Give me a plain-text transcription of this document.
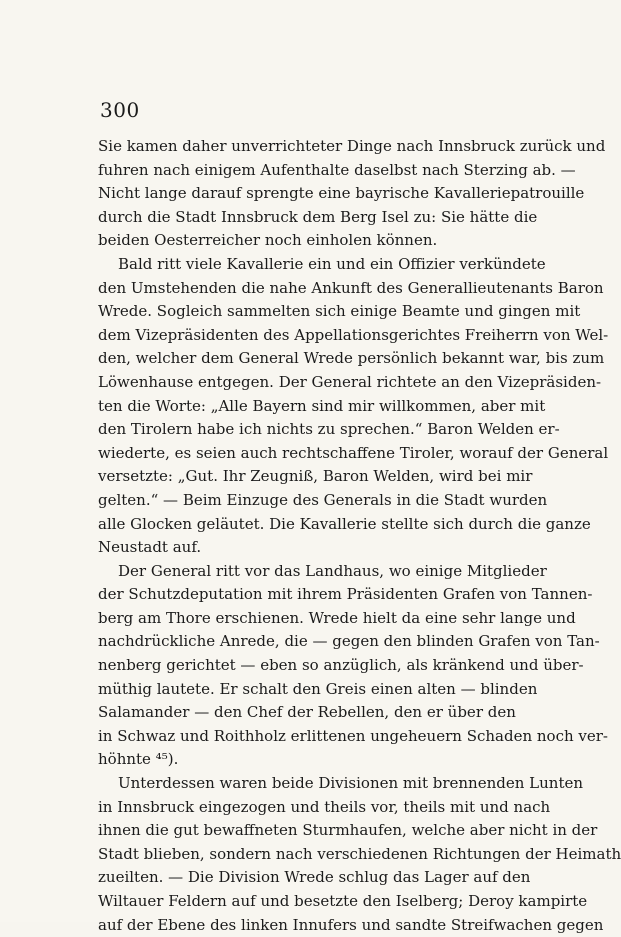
300
Sie kamen daher unverrichteter Dinge nach Innsbruck zurück und
fuhren nach einigem Aufenthalte daselbst nach Sterzing ab. —
Nicht lange darauf sprengte eine bayrische Kavalleriepatrouille
durch die Stadt Innsbruck dem Berg Isel zu: Sie hätte die
beiden Oesterreicher noch einholen können.
Bald ritt viele Kavallerie ein und ein Offizier verkündete
den Umstehenden die nahe Ankunft des Generallieutenants Baron
Wrede. Sogleich sammelten sich einige Beamte und gingen mit
dem Vizepräsidenten des Appellationsgerichtes Freiherrn von Wel-
den, welcher dem General Wrede persönlich bekannt war, bis zum
Löwenhause entgegen. Der General richtete an den Vizepräsiden-
ten die Worte: „Alle Bayern sind mir willkommen, aber mit
den Tirolern habe ich nichts zu sprechen.“ Baron Welden er-
wiederte, es seien auch rechtschaffene Tiroler, worauf der General
versetzte: „Gut. Ihr Zeugniß, Baron Welden, wird bei mir
gelten.“ — Beim Einzuge des Generals in die Stadt wurden
alle Glocken geläutet. Die Kavallerie stellte sich durch die ganze
Neustadt auf.
Der General ritt vor das Landhaus, wo einige Mitglieder
der Schutzdeputation mit ihrem Präsidenten Grafen von Tannen-
berg am Thore erschienen. Wrede hielt da eine sehr lange und
nachdrückliche Anrede, die — gegen den blinden Grafen von Tan-
nenberg gerichtet — eben so anzüglich, als kränkend und über-
müthig lautete. Er schalt den Greis einen alten — blinden
Salamander — den Chef der Rebellen, den er über den
in Schwaz und Roithholz erlittenen ungeheuern Schaden noch ver-
höhnte ⁴⁵).
Unterdessen waren beide Divisionen mit brennenden Lunten
in Innsbruck eingezogen und theils vor, theils mit und nach
ihnen die gut bewaffneten Sturmhaufen, welche aber nicht in der
Stadt blieben, sondern nach verschiedenen Richtungen der Heimath
zueilten. — Die Division Wrede schlug das Lager auf den
Wiltauer Feldern auf und besetzte den Iselberg; Deroy kampirte
auf der Ebene des linken Innufers und sandte Streifwachen gegen
